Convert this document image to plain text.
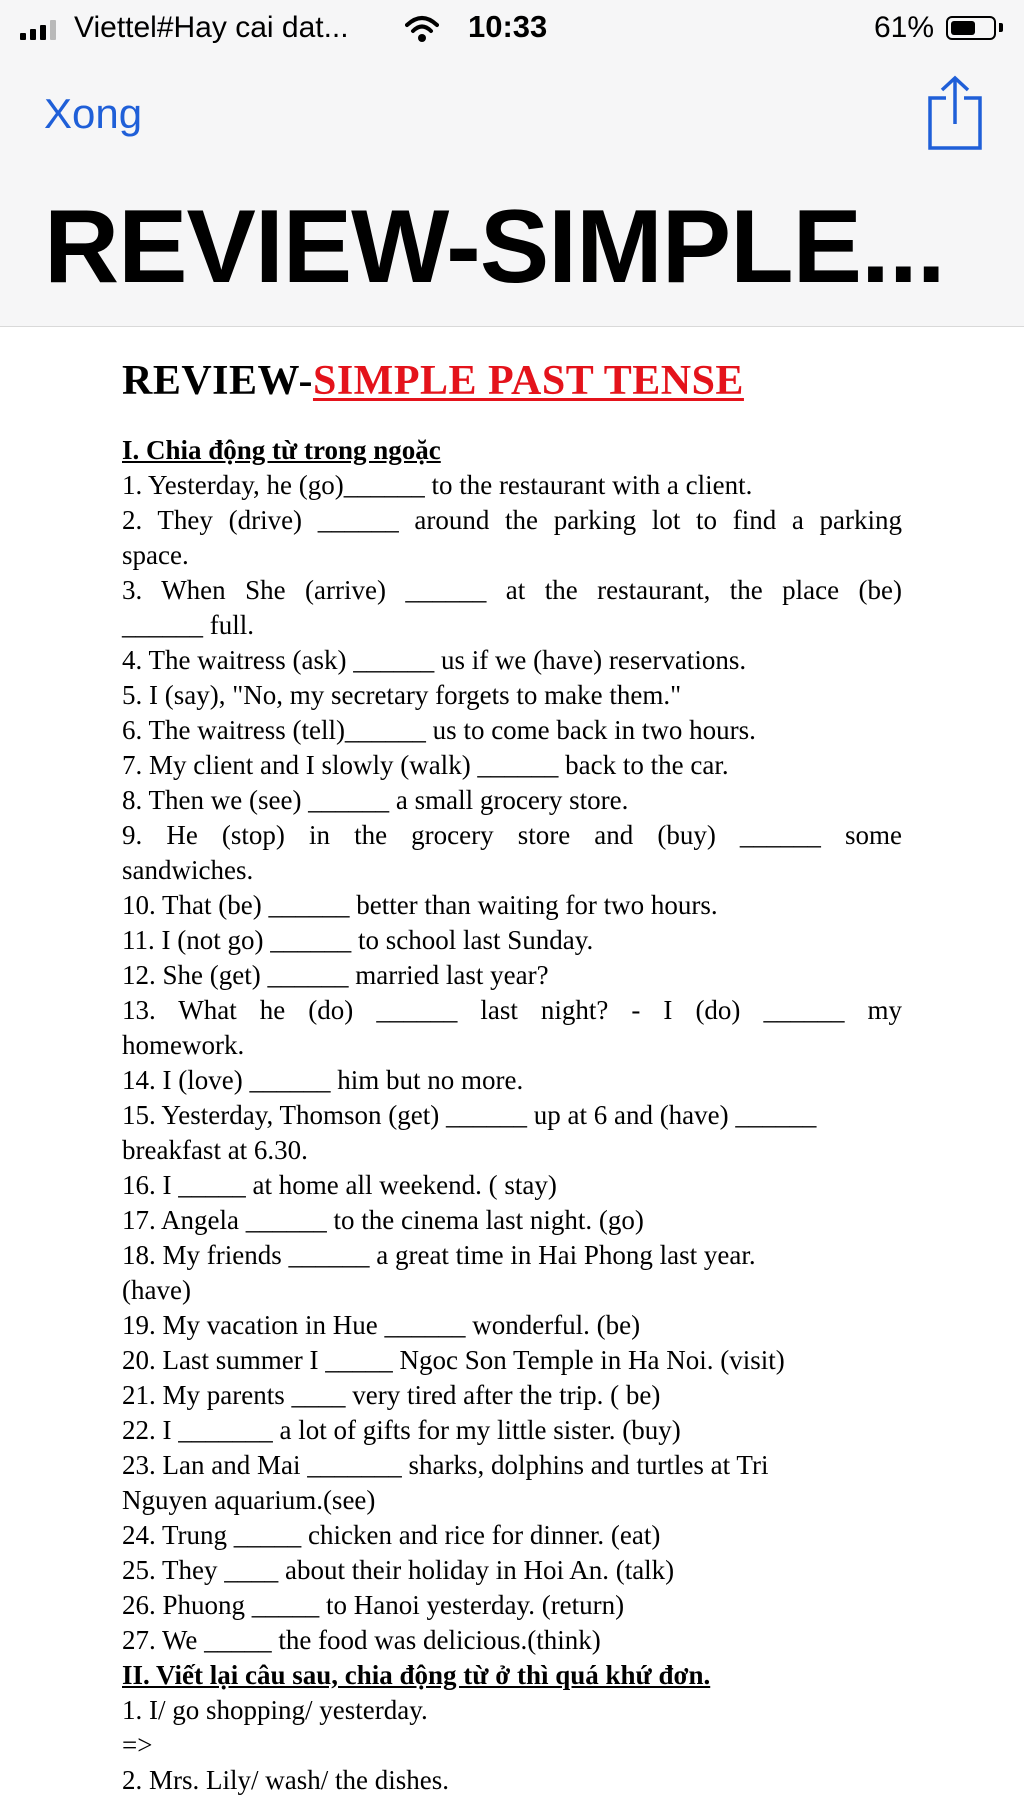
Viettel#Hay cai dat...	10:33	61%
Xong
REVIEW-SIMPLE...
REVIEW-SIMPLE PAST TENSE
I. Chia động từ trong ngoặc
1. Yesterday, he (go)______ to the restaurant with a client.
2. They (drive) ______ around the parking lot to find a parking
space.
3. When She (arrive) ______ at the restaurant, the place (be)
______ full.
4. The waitress (ask) ______ us if we (have) reservations.
5. I (say), "No, my secretary forgets to make them."
6. The waitress (tell)______ us to come back in two hours.
7. My client and I slowly (walk) ______ back to the car.
8. Then we (see) ______ a small grocery store.
9. He (stop) in the grocery store and (buy) ______ some
sandwiches.
10. That (be) ______ better than waiting for two hours.
11. I (not go) ______ to school last Sunday.
12. She (get) ______ married last year?
13. What he (do) ______ last night? - I (do) ______ my
homework.
14. I (love) ______ him but no more.
15. Yesterday, Thomson (get) ______ up at 6 and (have) ______
breakfast at 6.30.
16. I _____ at home all weekend. ( stay)
17. Angela ______ to the cinema last night. (go)
18. My friends ______ a great time in Hai Phong last year.
(have)
19. My vacation in Hue ______ wonderful. (be)
20. Last summer I _____ Ngoc Son Temple in Ha Noi. (visit)
21. My parents ____ very tired after the trip. ( be)
22. I _______ a lot of gifts for my little sister. (buy)
23. Lan and Mai _______ sharks, dolphins and turtles at Tri
Nguyen aquarium.(see)
24. Trung _____ chicken and rice for dinner. (eat)
25. They ____ about their holiday in Hoi An. (talk)
26. Phuong _____ to Hanoi yesterday. (return)
27. We _____ the food was delicious.(think)
II. Viết lại câu sau, chia động từ ở thì quá khứ đơn.
1. I/ go shopping/ yesterday.
=>
2. Mrs. Lily/ wash/ the dishes.
